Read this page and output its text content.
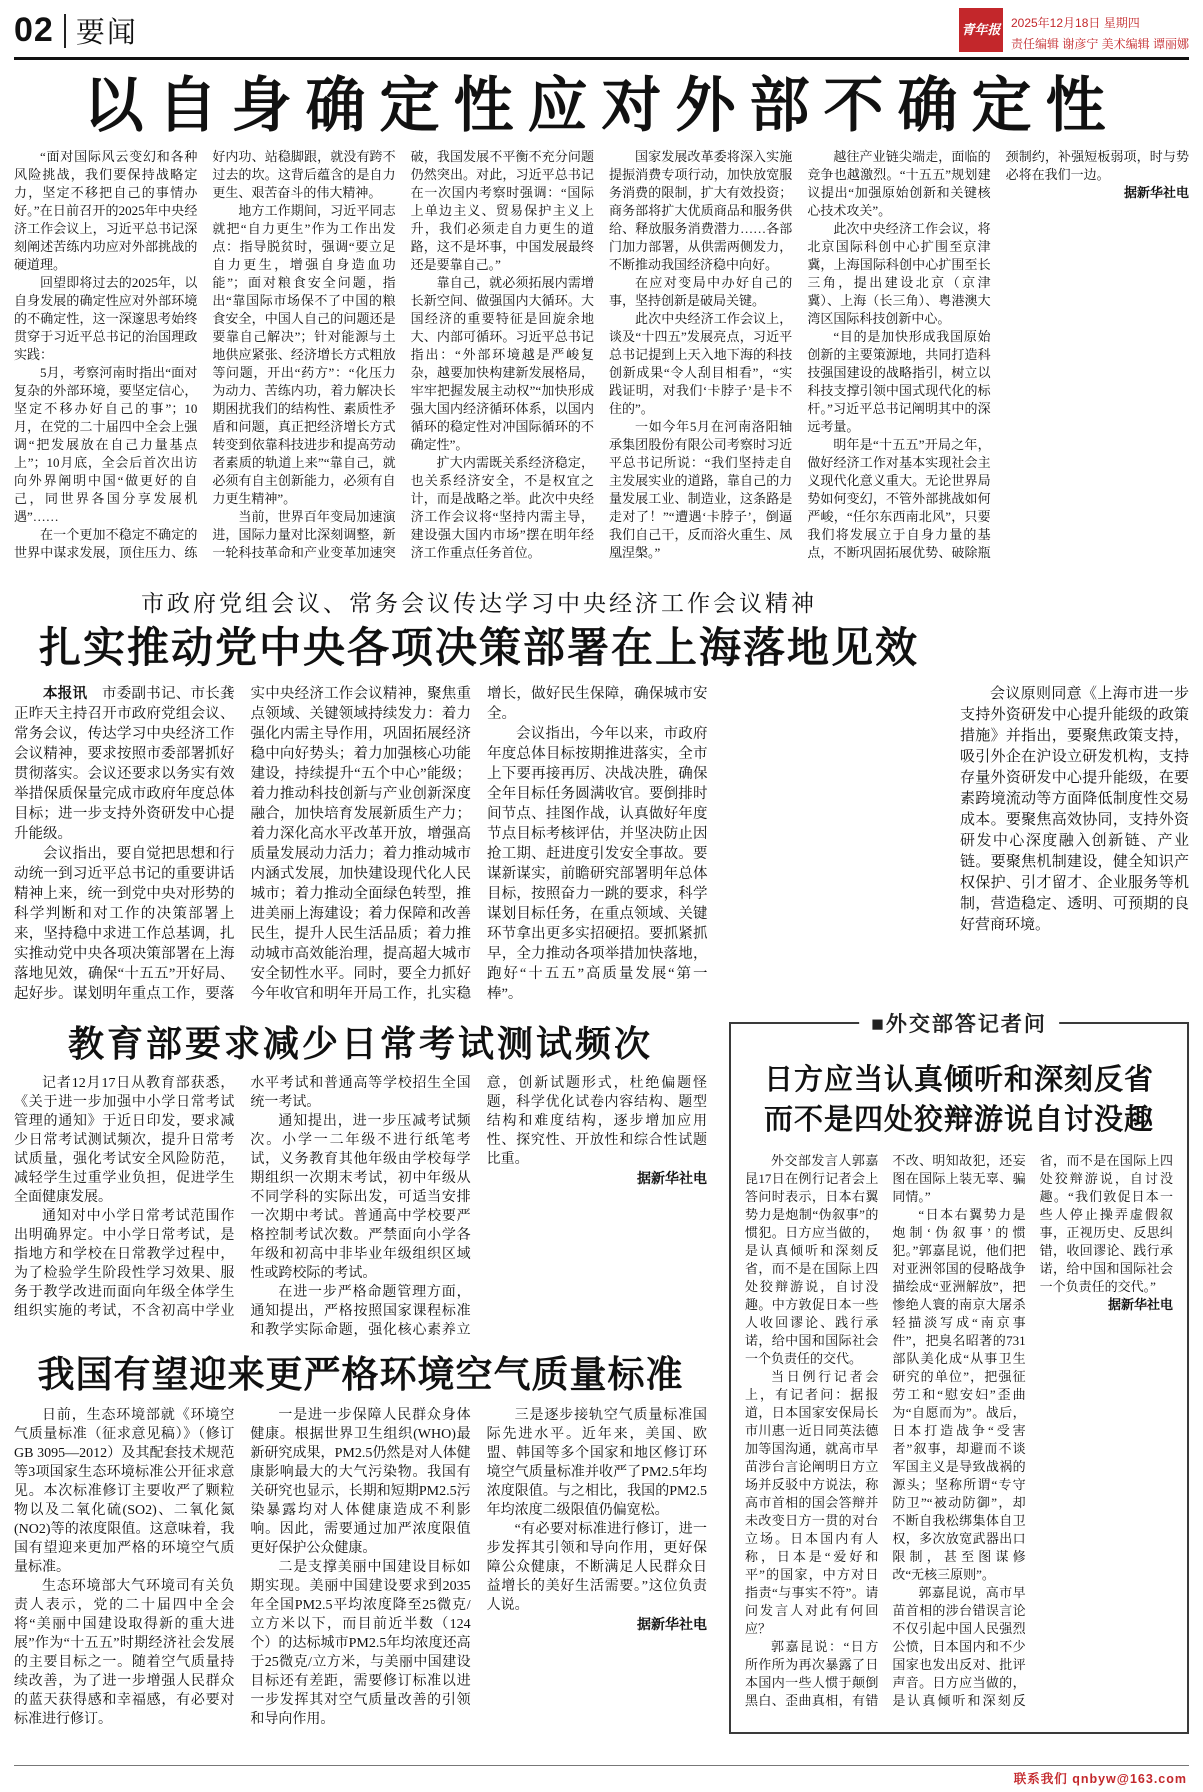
02 要闻	青年报 2025年12月18日 星期四
责任编辑 谢彦宁 美术编辑 谭丽娜
以自身确定性应对外部不确定性

“面对国际风云变幻和各种风险挑战，我们要保持战略定力，坚定不移把自己的事情办好。”在日前召开的2025年中央经济工作会议上，习近平总书记深刻阐述苦练内功应对外部挑战的硬道理。

回望即将过去的2025年，以自身发展的确定性应对外部环境的不确定性，这一深邃思考始终贯穿于习近平总书记的治国理政实践：

5月，考察河南时指出“面对复杂的外部环境，要坚定信心，坚定不移办好自己的事”；10月，在党的二十届四中全会上强调“把发展放在自己力量基点上”；10月底，全会后首次出访向外界阐明中国“做更好的自己，同世界各国分享发展机遇”……

在一个更加不稳定不确定的世界中谋求发展，顶住压力、练好内功、站稳脚跟，就没有跨不过去的坎。这背后蕴含的是自力更生、艰苦奋斗的伟大精神。

地方工作期间，习近平同志就把“自力更生”作为工作出发点：指导脱贫时，强调“要立足自力更生，增强自身造血功能”；面对粮食安全问题，指出“靠国际市场保不了中国的粮食安全，中国人自己的问题还是要靠自己解决”；针对能源与土地供应紧张、经济增长方式粗放等问题，开出“药方”：“化压力为动力、苦练内功，着力解决长期困扰我们的结构性、素质性矛盾和问题，真正把经济增长方式转变到依靠科技进步和提高劳动者素质的轨道上来”“靠自己，就必须有自主创新能力，必须有自力更生精神”。

当前，世界百年变局加速演进，国际力量对比深刻调整，新一轮科技革命和产业变革加速突破，我国发展不平衡不充分问题仍然突出。对此，习近平总书记在一次国内考察时强调：“国际上单边主义、贸易保护主义上升，我们必须走自力更生的道路，这不是坏事，中国发展最终还是要靠自己。”

靠自己，就必须拓展内需增长新空间、做强国内大循环。大国经济的重要特征是回旋余地大、内部可循环。习近平总书记指出：“外部环境越是严峻复杂，越要加快构建新发展格局，牢牢把握发展主动权”“加快形成强大国内经济循环体系，以国内循环的稳定性对冲国际循环的不确定性”。

扩大内需既关系经济稳定，也关系经济安全，不是权宜之计，而是战略之举。此次中央经济工作会议将“坚持内需主导，建设强大国内市场”摆在明年经济工作重点任务首位。

国家发展改革委将深入实施提振消费专项行动，加快放宽服务消费的限制，扩大有效投资；商务部将扩大优质商品和服务供给、释放服务消费潜力……各部门加力部署，从供需两侧发力，不断推动我国经济稳中向好。

在应对变局中办好自己的事，坚持创新是破局关键。

此次中央经济工作会议上，谈及“十四五”发展亮点，习近平总书记提到上天入地下海的科技创新成果“令人刮目相看”，“实践证明，对我们‘卡脖子’是卡不住的”。

一如今年5月在河南洛阳轴承集团股份有限公司考察时习近平总书记所说：“我们坚持走自主发展实业的道路，靠自己的力量发展工业、制造业，这条路是走对了！”“遭遇‘卡脖子’，倒逼我们自己干，反而浴火重生、凤凰涅槃。”

越往产业链尖端走，面临的竞争也越激烈。“十五五”规划建议提出“加强原始创新和关键核心技术攻关”。

此次中央经济工作会议，将北京国际科创中心扩围至京津冀，上海国际科创中心扩围至长三角，提出建设北京（京津冀）、上海（长三角）、粤港澳大湾区国际科技创新中心。

“目的是加快形成我国原始创新的主要策源地，共同打造科技强国建设的战略指引，树立以科技支撑引领中国式现代化的标杆。”习近平总书记阐明其中的深远考量。

明年是“十五五”开局之年，做好经济工作对基本实现社会主义现代化意义重大。无论世界局势如何变幻，不管外部挑战如何严峻，“任尔东西南北风”，只要我们将发展立于自身力量的基点，不断巩固拓展优势、破除瓶颈制约，补强短板弱项，时与势必将在我们一边。

据新华社电

市政府党组会议、常务会议传达学习中央经济工作会议精神
扎实推动党中央各项决策部署在上海落地见效

本报讯　市委副书记、市长龚正昨天主持召开市政府党组会议、常务会议，传达学习中央经济工作会议精神，要求按照市委部署抓好贯彻落实。会议还要求以务实有效举措保质保量完成市政府年度总体目标；进一步支持外资研发中心提升能级。

会议指出，要自觉把思想和行动统一到习近平总书记的重要讲话精神上来，统一到党中央对形势的科学判断和对工作的决策部署上来，坚持稳中求进工作总基调，扎实推动党中央各项决策部署在上海落地见效，确保“十五五”开好局、起好步。谋划明年重点工作，要落实中央经济工作会议精神，聚焦重点领域、关键领域持续发力：着力强化内需主导作用，巩固拓展经济稳中向好势头；着力加强核心功能建设，持续提升“五个中心”能级；着力推动科技创新与产业创新深度融合，加快培育发展新质生产力；着力深化高水平改革开放，增强高质量发展动力活力；着力推动城市内涵式发展，加快建设现代化人民城市；着力推动全面绿色转型，推进美丽上海建设；着力保障和改善民生，提升人民生活品质；着力推动城市高效能治理，提高超大城市安全韧性水平。同时，要全力抓好今年收官和明年开局工作，扎实稳增长，做好民生保障，确保城市安全。

会议指出，今年以来，市政府年度总体目标按期推进落实，全市上下要再接再厉、决战决胜，确保全年目标任务圆满收官。要倒排时间节点、挂图作战，认真做好年度节点目标考核评估，并坚决防止因抢工期、赶进度引发安全事故。要谋新谋实，前瞻研究部署明年总体目标，按照奋力一跳的要求，科学谋划目标任务，在重点领域、关键环节拿出更多实招硬招。要抓紧抓早，全力推动各项举措加快落地，跑好“十五五”高质量发展“第一棒”。

会议原则同意《上海市进一步支持外资研发中心提升能级的政策措施》并指出，要聚焦政策支持，吸引外企在沪设立研发机构，支持存量外资研发中心提升能级，在要素跨境流动等方面降低制度性交易成本。要聚焦高效协同，支持外资研发中心深度融入创新链、产业链。要聚焦机制建设，健全知识产权保护、引才留才、企业服务等机制，营造稳定、透明、可预期的良好营商环境。

教育部要求减少日常考试测试频次

记者12月17日从教育部获悉，《关于进一步加强中小学日常考试管理的通知》于近日印发，要求减少日常考试测试频次，提升日常考试质量，强化考试安全风险防范，减轻学生过重学业负担，促进学生全面健康发展。

通知对中小学日常考试范围作出明确界定。中小学日常考试，是指地方和学校在日常教学过程中，为了检验学生阶段性学习效果、服务于教学改进而面向年级全体学生组织实施的考试，不含初高中学业水平考试和普通高等学校招生全国统一考试。

通知提出，进一步压减考试频次。小学一二年级不进行纸笔考试，义务教育其他年级由学校每学期组织一次期末考试，初中年级从不同学科的实际出发，可适当安排一次期中考试。普通高中学校要严格控制考试次数。严禁面向小学各年级和初高中非毕业年级组织区域性或跨校际的考试。

在进一步严格命题管理方面，通知提出，严格按照国家课程标准和教学实际命题，强化核心素养立意，创新试题形式，杜绝偏题怪题，科学优化试卷内容结构、题型结构和难度结构，逐步增加应用性、探究性、开放性和综合性试题比重。

据新华社电

我国有望迎来更严格环境空气质量标准

日前，生态环境部就《环境空气质量标准（征求意见稿）》（修订GB 3095—2012）及其配套技术规范等3项国家生态环境标准公开征求意见。本次标准修订主要收严了颗粒物以及二氧化硫(SO2)、二氧化氮(NO2)等的浓度限值。这意味着，我国有望迎来更加严格的环境空气质量标准。

生态环境部大气环境司有关负责人表示，党的二十届四中全会将“美丽中国建设取得新的重大进展”作为“十五五”时期经济社会发展的主要目标之一。随着空气质量持续改善，为了进一步增强人民群众的蓝天获得感和幸福感，有必要对标准进行修订。

一是进一步保障人民群众身体健康。根据世界卫生组织(WHO)最新研究成果，PM2.5仍然是对人体健康影响最大的大气污染物。我国有关研究也显示，长期和短期PM2.5污染暴露均对人体健康造成不利影响。因此，需要通过加严浓度限值更好保护公众健康。

二是支撑美丽中国建设目标如期实现。美丽中国建设要求到2035年全国PM2.5平均浓度降至25微克/立方米以下，而目前近半数（124个）的达标城市PM2.5年均浓度还高于25微克/立方米，与美丽中国建设目标还有差距，需要修订标准以进一步发挥其对空气质量改善的引领和导向作用。

三是逐步接轨空气质量标准国际先进水平。近年来，美国、欧盟、韩国等多个国家和地区修订环境空气质量标准并收严了PM2.5年均浓度限值。与之相比，我国的PM2.5年均浓度二级限值仍偏宽松。

“有必要对标准进行修订，进一步发挥其引领和导向作用，更好保障公众健康，不断满足人民群众日益增长的美好生活需要。”这位负责人说。

据新华社电

■外交部答记者问
日方应当认真倾听和深刻反省
而不是四处狡辩游说自讨没趣

外交部发言人郭嘉昆17日在例行记者会上答问时表示，日本右翼势力是炮制“伪叙事”的惯犯。日方应当做的，是认真倾听和深刻反省，而不是在国际上四处狡辩游说，自讨没趣。中方敦促日本一些人收回谬论、践行承诺，给中国和国际社会一个负责任的交代。

当日例行记者会上，有记者问：据报道，日本国家安保局长市川惠一近日同英法德加等国沟通，就高市早苗涉台言论阐明日方立场并反驳中方说法，称高市首相的国会答辩并未改变日方一贯的对台立场。日本国内有人称，日本是“爱好和平”的国家，中方对日指责“与事实不符”。请问发言人对此有何回应？

郭嘉昆说：“日方所作所为再次暴露了日本国内一些人惯于颠倒黑白、歪曲真相，有错不改、明知故犯，还妄图在国际上装无辜、骗同情。”

“日本右翼势力是炮制‘伪叙事’的惯犯。”郭嘉昆说，他们把对亚洲邻国的侵略战争描绘成“亚洲解放”，把惨绝人寰的南京大屠杀轻描淡写成“南京事件”，把臭名昭著的731部队美化成“从事卫生研究的单位”，把强征劳工和“慰安妇”歪曲为“自愿而为”。战后，日本打造战争“受害者”叙事，却避而不谈军国主义是导致战祸的源头；坚称所谓“专守防卫”“被动防御”，却不断自我松绑集体自卫权，多次放宽武器出口限制，甚至图谋修改“无核三原则”。

郭嘉昆说，高市早苗首相的涉台错误言论不仅引起中国人民强烈公愤，日本国内和不少国家也发出反对、批评声音。日方应当做的，是认真倾听和深刻反省，而不是在国际上四处狡辩游说，自讨没趣。“我们敦促日本一些人停止操弄虚假叙事，正视历史、反思纠错，收回谬论、践行承诺，给中国和国际社会一个负责任的交代。”

据新华社电

联系我们 qnbyw@163.com
